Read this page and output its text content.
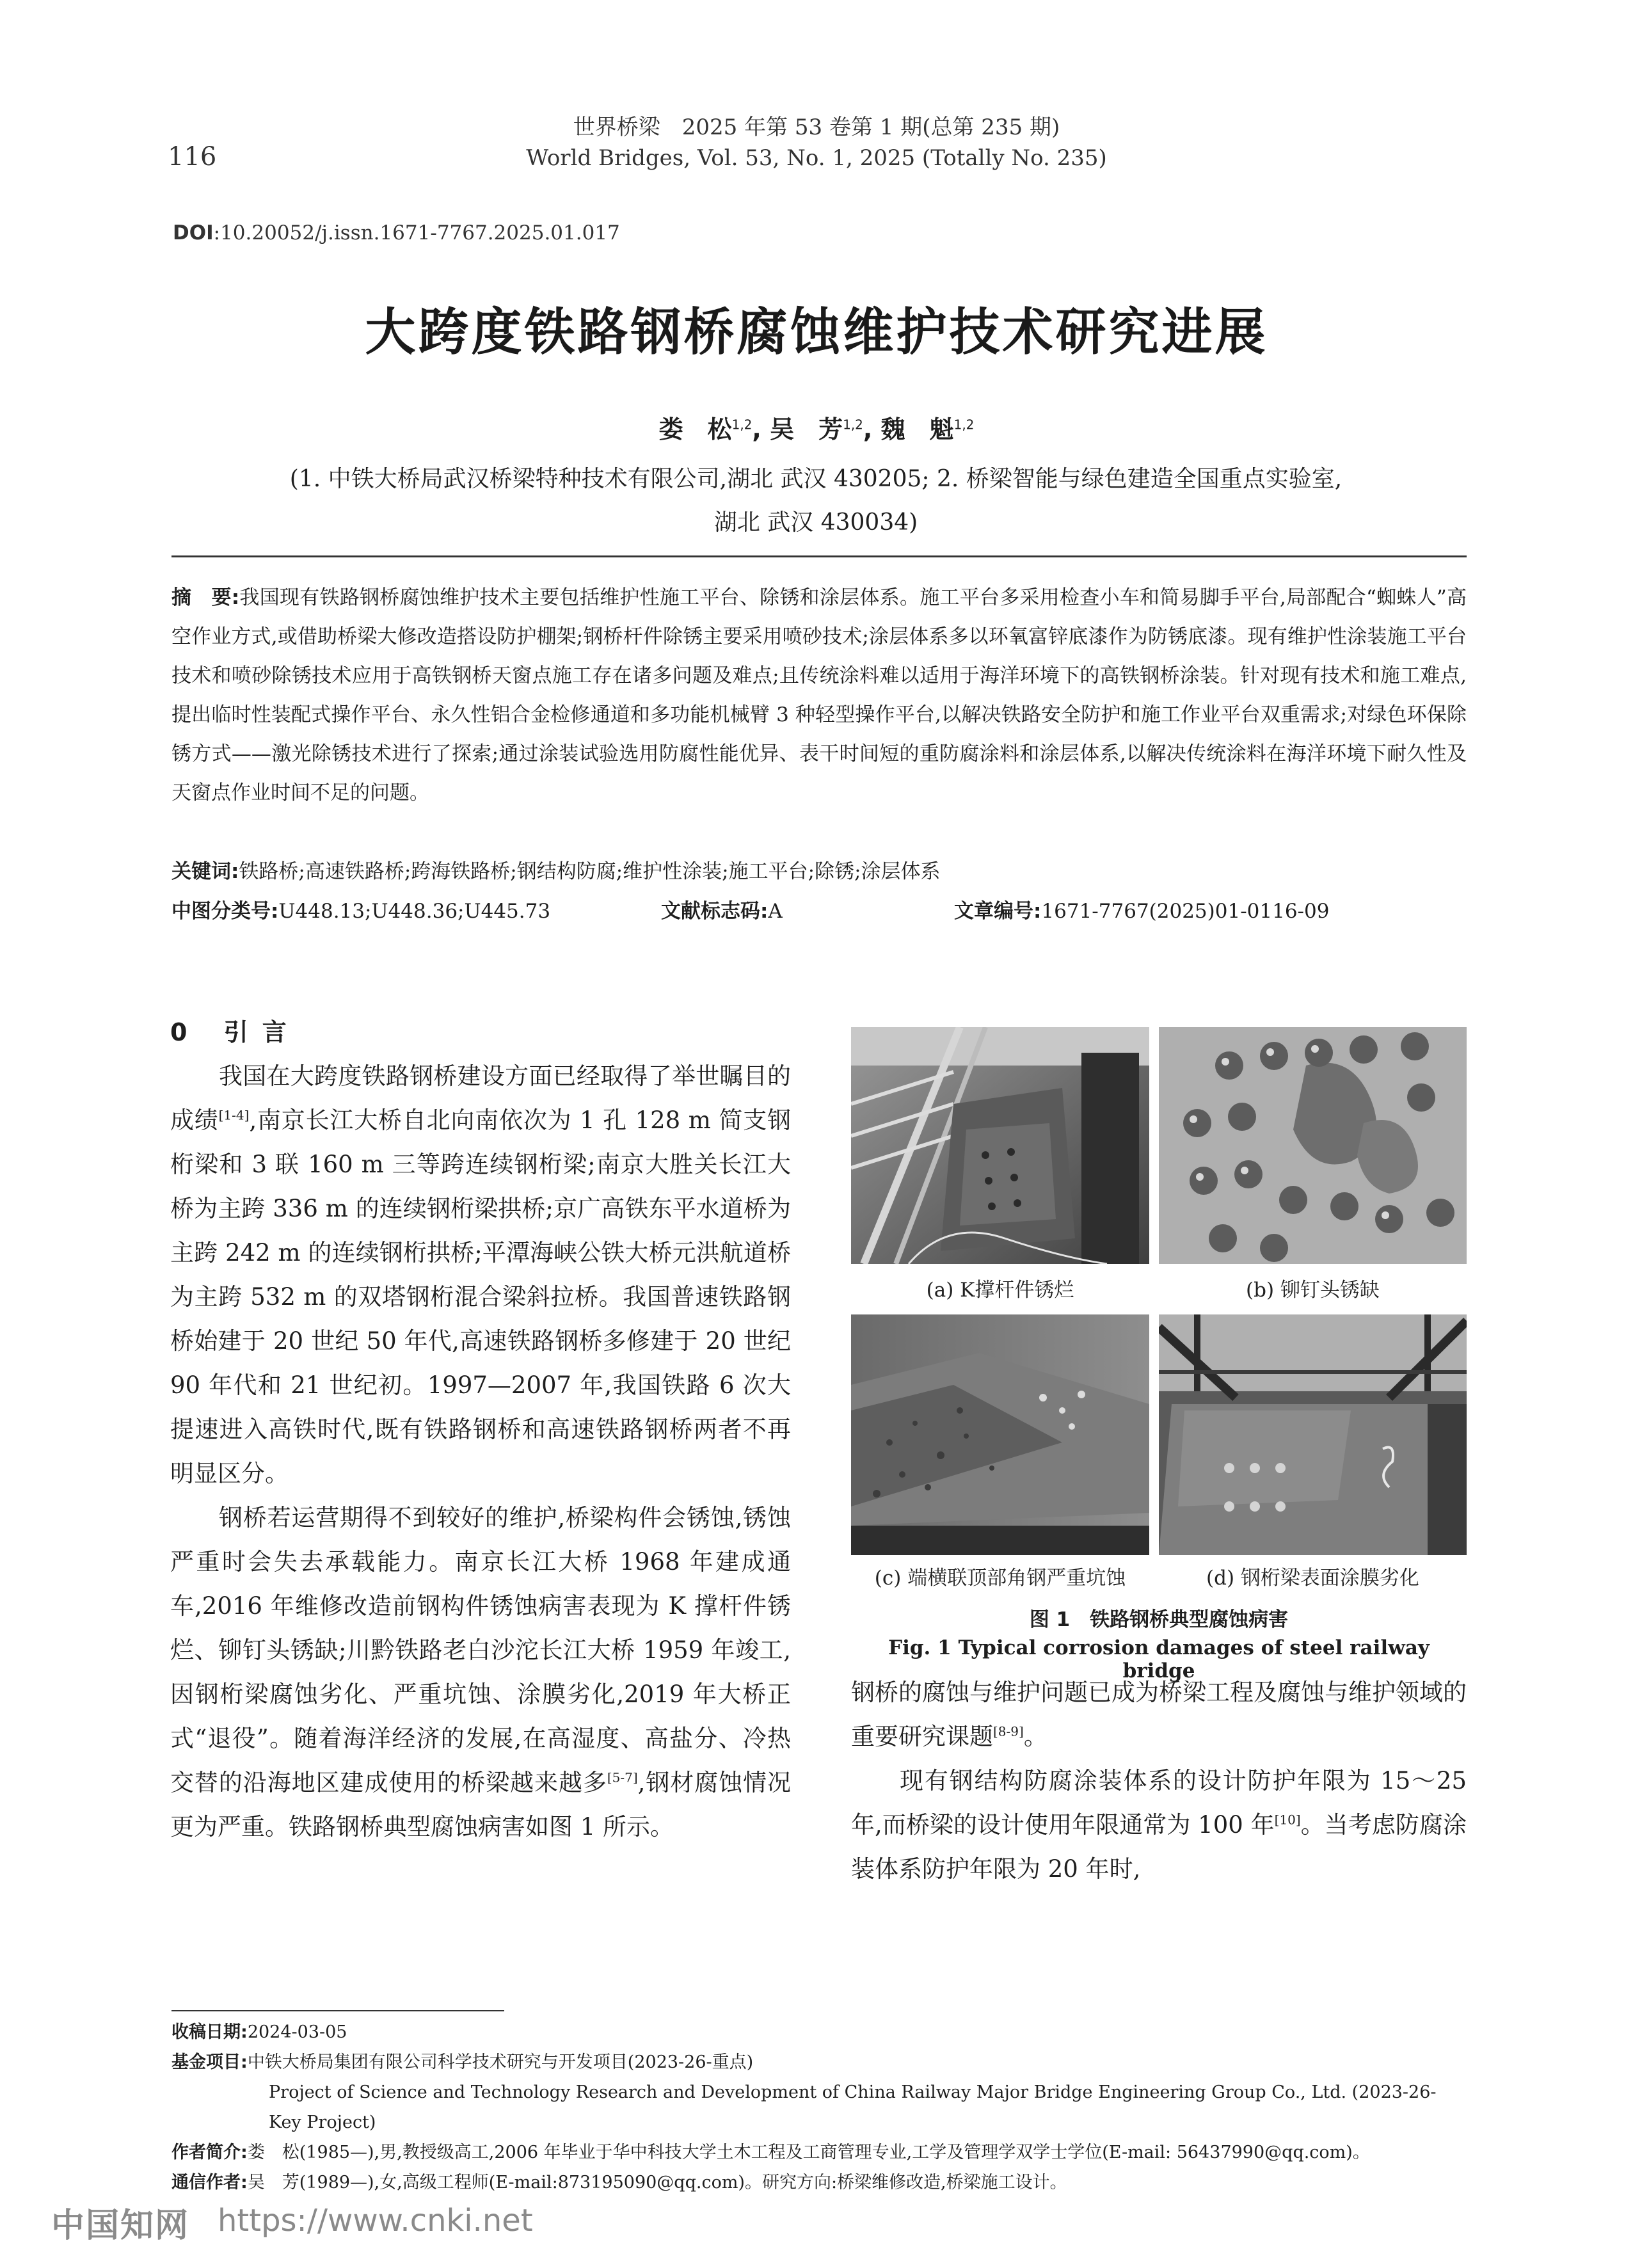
116
世界桥梁　2025 年第 53 卷第 1 期(总第 235 期)
World Bridges, Vol. 53, No. 1, 2025 (Totally No. 235)
DOI:10.20052/j.issn.1671-7767.2025.01.017
大跨度铁路钢桥腐蚀维护技术研究进展
娄　松$^{1,2}$, 吴　芳$^{1,2}$, 魏　魁$^{1,2}$
(1. 中铁大桥局武汉桥梁特种技术有限公司,湖北 武汉 430205; 2. 桥梁智能与绿色建造全国重点实验室,
湖北 武汉 430034)
摘　要:我国现有铁路钢桥腐蚀维护技术主要包括维护性施工平台、除锈和涂层体系。施工平台多采用检查小车和简易脚手平台,局部配合“蜘蛛人”高空作业方式,或借助桥梁大修改造搭设防护棚架;钢桥杆件除锈主要采用喷砂技术;涂层体系多以环氧富锌底漆作为防锈底漆。现有维护性涂装施工平台技术和喷砂除锈技术应用于高铁钢桥天窗点施工存在诸多问题及难点;且传统涂料难以适用于海洋环境下的高铁钢桥涂装。针对现有技术和施工难点,提出临时性装配式操作平台、永久性铝合金检修通道和多功能机械臂 3 种轻型操作平台,以解决铁路安全防护和施工作业平台双重需求;对绿色环保除锈方式——激光除锈技术进行了探索;通过涂装试验选用防腐性能优异、表干时间短的重防腐涂料和涂层体系,以解决传统涂料在海洋环境下耐久性及天窗点作业时间不足的问题。
关键词:铁路桥;高速铁路桥;跨海铁路桥;钢结构防腐;维护性涂装;施工平台;除锈;涂层体系
中图分类号:U448.13;U448.36;U445.73	文献标志码:A	文章编号:1671-7767(2025)01-0116-09
0 引言

我国在大跨度铁路钢桥建设方面已经取得了举世瞩目的成绩[1-4],南京长江大桥自北向南依次为 1 孔 128 m 简支钢桁梁和 3 联 160 m 三等跨连续钢桁梁;南京大胜关长江大桥为主跨 336 m 的连续钢桁梁拱桥;京广高铁东平水道桥为主跨 242 m 的连续钢桁拱桥;平潭海峡公铁大桥元洪航道桥为主跨 532 m 的双塔钢桁混合梁斜拉桥。我国普速铁路钢桥始建于 20 世纪 50 年代,高速铁路钢桥多修建于 20 世纪 90 年代和 21 世纪初。1997—2007 年,我国铁路 6 次大提速进入高铁时代,既有铁路钢桥和高速铁路钢桥两者不再明显区分。

钢桥若运营期得不到较好的维护,桥梁构件会锈蚀,锈蚀严重时会失去承载能力。南京长江大桥 1968 年建成通车,2016 年维修改造前钢构件锈蚀病害表现为 K 撑杆件锈烂、铆钉头锈缺;川黔铁路老白沙沱长江大桥 1959 年竣工,因钢桁梁腐蚀劣化、严重坑蚀、涂膜劣化,2019 年大桥正式“退役”。随着海洋经济的发展,在高湿度、高盐分、冷热交替的沿海地区建成使用的桥梁越来越多[5-7],钢材腐蚀情况更为严重。铁路钢桥典型腐蚀病害如图 1 所示。

(a) K撑杆件锈烂	(b) 铆钉头锈缺
(c) 端横联顶部角钢严重坑蚀	(d) 钢桁梁表面涂膜劣化
图 1　铁路钢桥典型腐蚀病害
Fig. 1 Typical corrosion damages of steel railway bridge

钢桥的腐蚀与维护问题已成为桥梁工程及腐蚀与维护领域的重要研究课题[8-9]。

现有钢结构防腐涂装体系的设计防护年限为 15～25 年,而桥梁的设计使用年限通常为 100 年[10]。当考虑防腐涂装体系防护年限为 20 年时,

收稿日期:2024-03-05
基金项目:中铁大桥局集团有限公司科学技术研究与开发项目(2023-26-重点)
Project of Science and Technology Research and Development of China Railway Major Bridge Engineering Group Co., Ltd. (2023-26-Key Project)
作者简介:娄　松(1985—),男,教授级高工,2006 年毕业于华中科技大学土木工程及工商管理专业,工学及管理学双学士学位(E-mail: 56437990@qq.com)。
通信作者:吴　芳(1989—),女,高级工程师(E-mail:873195090@qq.com)。研究方向:桥梁维修改造,桥梁施工设计。
中国知网 https://www.cnki.net
